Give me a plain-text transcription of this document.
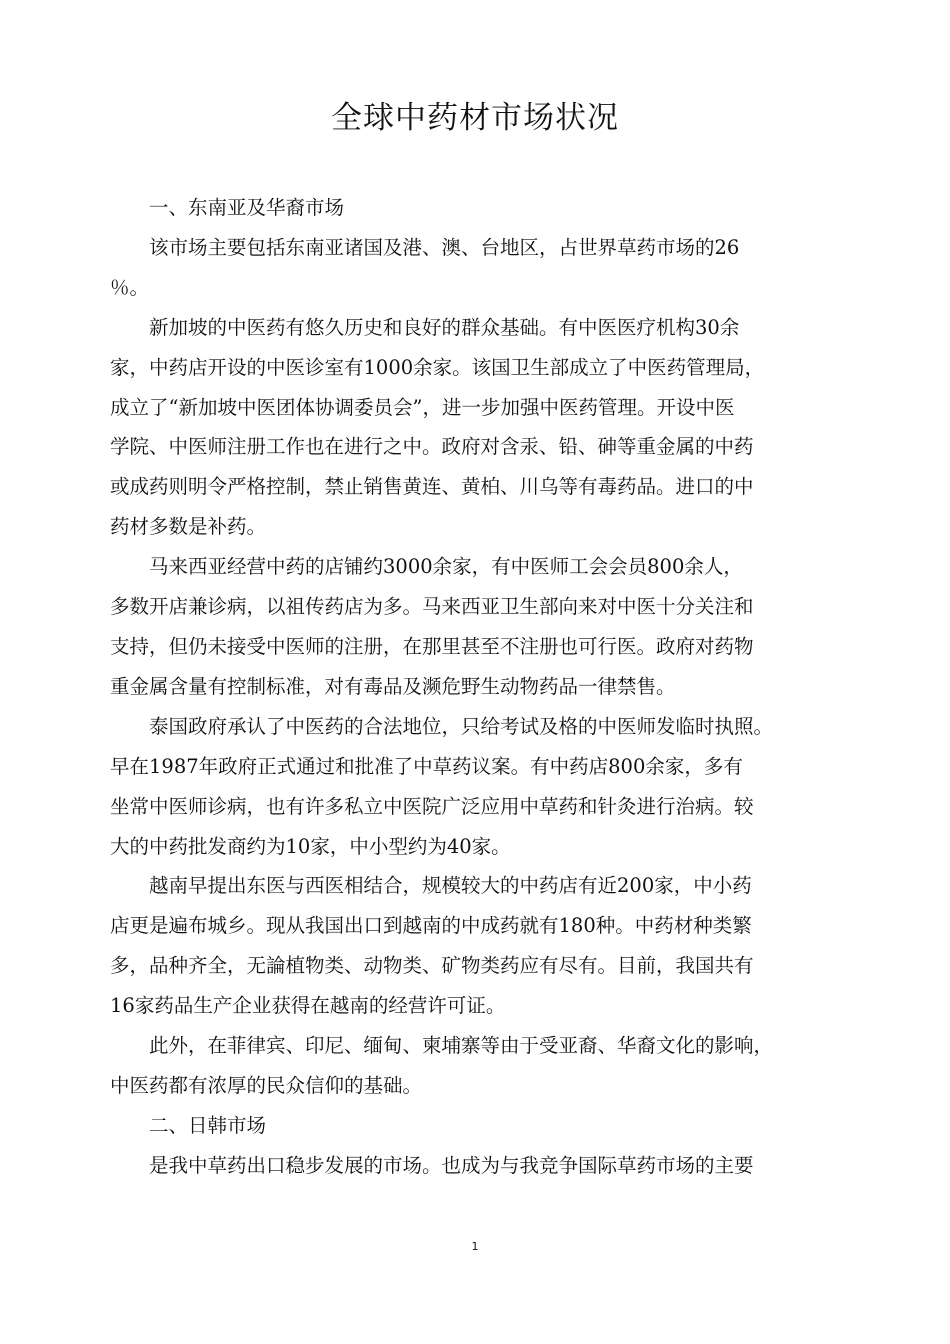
全球中药材市场状况

一、东南亚及华裔市场

该市场主要包括东南亚诸国及港、澳、台地区，占世界草药市场的26
％。

新加坡的中医药有悠久历史和良好的群众基础。有中医医疗机构30余
家，中药店开设的中医诊室有1000余家。该国卫生部成立了中医药管理局，
成立了“新加坡中医团体协调委员会”，进一步加强中医药管理。开设中医
学院、中医师注册工作也在进行之中。政府对含汞、铅、砷等重金属的中药
或成药则明令严格控制，禁止销售黄连、黄柏、川乌等有毒药品。进口的中
药材多数是补药。

马来西亚经营中药的店铺约3000余家，有中医师工会会员800余人，
多数开店兼诊病，以祖传药店为多。马来西亚卫生部向来对中医十分关注和
支持，但仍未接受中医师的注册，在那里甚至不注册也可行医。政府对药物
重金属含量有控制标准，对有毒品及濒危野生动物药品一律禁售。

泰国政府承认了中医药的合法地位，只给考试及格的中医师发临时执照。
早在1987年政府正式通过和批准了中草药议案。有中药店800余家，多有
坐常中医师诊病，也有许多私立中医院广泛应用中草药和针灸进行治病。较
大的中药批发商约为10家，中小型约为40家。

越南早提出东医与西医相结合，规模较大的中药店有近200家，中小药
店更是遍布城乡。现从我国出口到越南的中成药就有180种。中药材种类繁
多，品种齐全，无論植物类、动物类、矿物类药应有尽有。目前，我国共有
16家药品生产企业获得在越南的经营许可证。

此外，在菲律宾、印尼、缅甸、柬埔寨等由于受亚裔、华裔文化的影响，
中医药都有浓厚的民众信仰的基础。

二、日韩市场

是我中草药出口稳步发展的市场。也成为与我竞争国际草药市场的主要

1
